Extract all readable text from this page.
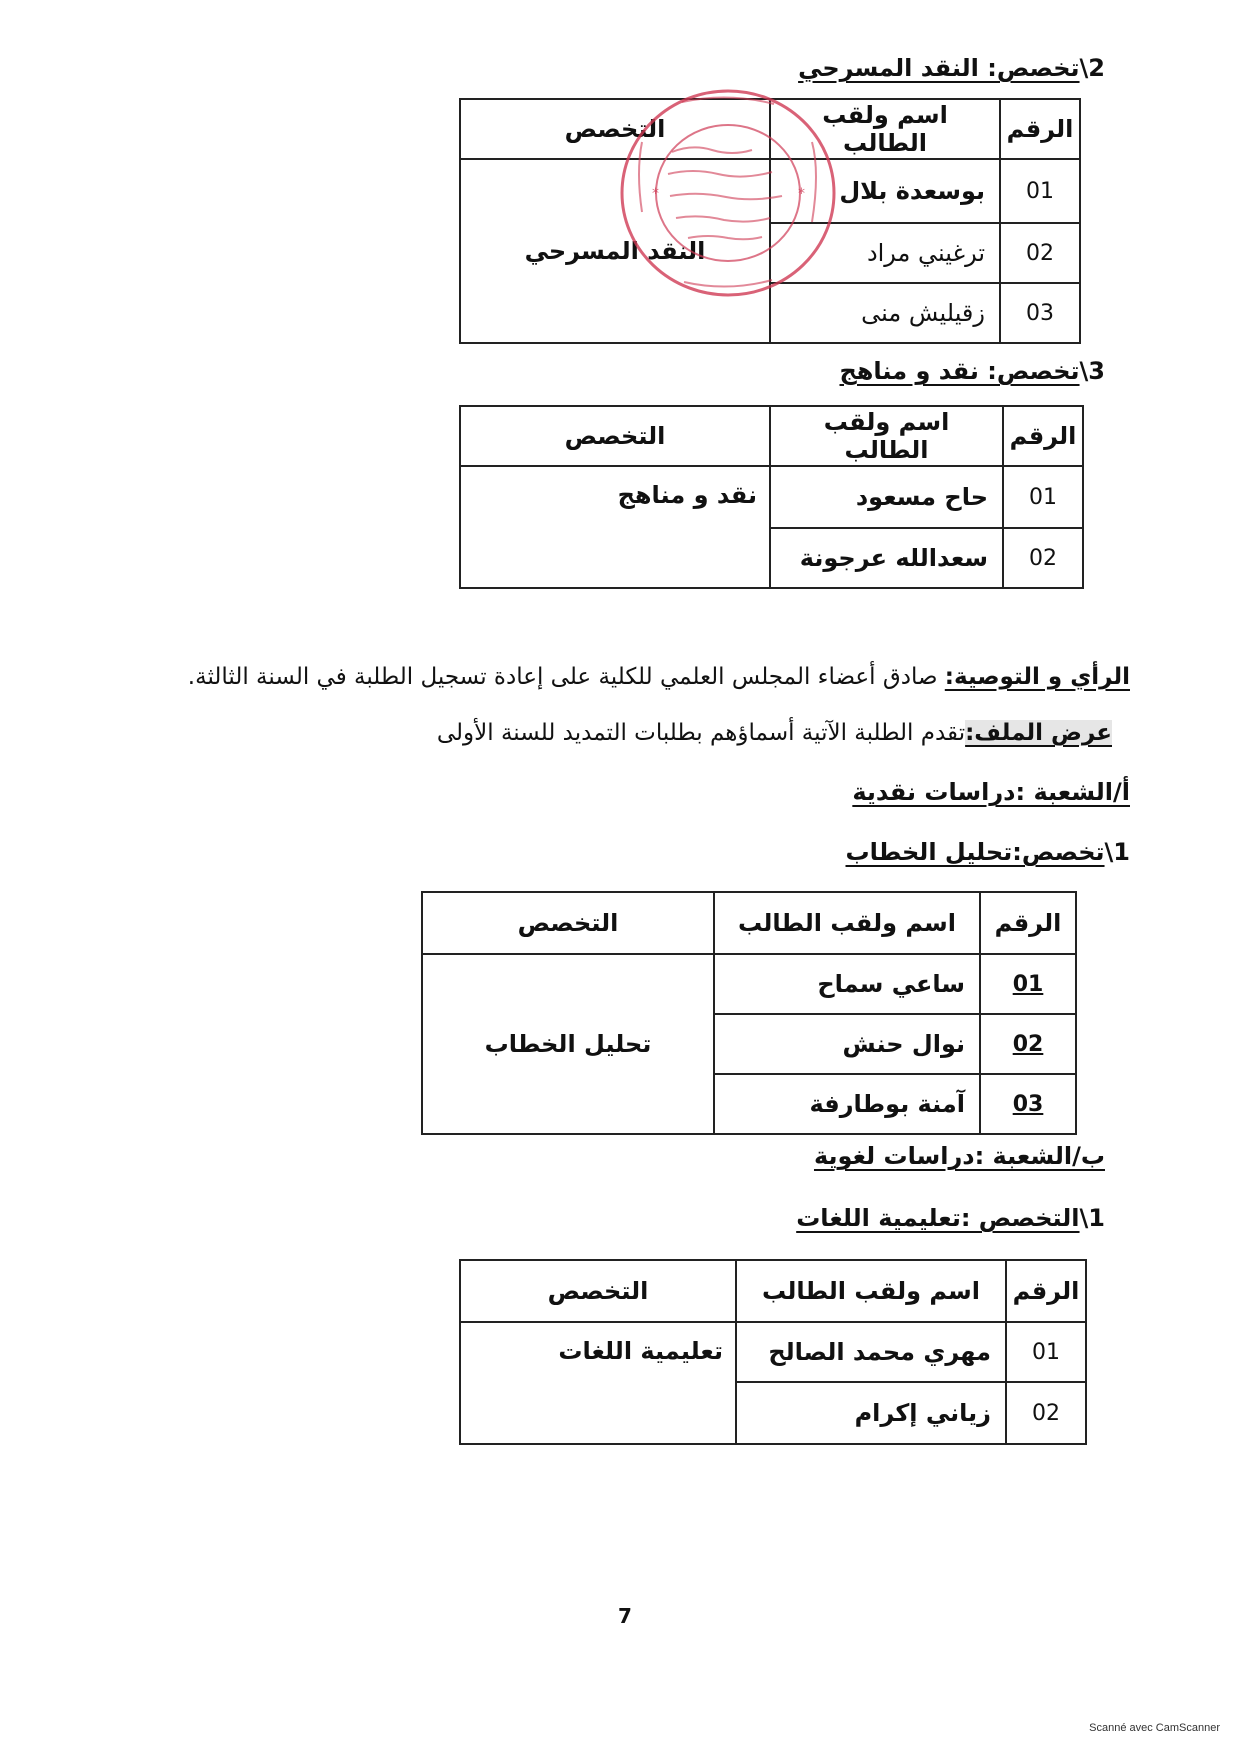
2\تخصص: النقد المسرحي
الرقم	اسم ولقب الطالب	التخصص
01	بوسعدة بلال	النقد المسرحي
02	ترغيني مراد	
03	زقيليش منى	
*	*
3\تخصص: نقد و مناهج
الرقم	اسم ولقب الطالب	التخصص
01	حاح مسعود	نقد و مناهج
02	سعدالله عرجونة	
الرأي و التوصية: صادق أعضاء المجلس العلمي للكلية على إعادة تسجيل الطلبة في السنة الثالثة.
عرض الملف:تقدم الطلبة الآتية أسماؤهم بطلبات التمديد للسنة الأولى
أ/الشعبة :دراسات نقدية
1\تخصص:تحليل الخطاب
الرقم	اسم ولقب الطالب	التخصص
01	ساعي سماح	تحليل الخطاب
02	نوال حنش	
03	آمنة بوطارفة	
ب/الشعبة :دراسات لغوية
1\التخصص :تعليمية اللغات
الرقم	اسم ولقب الطالب	التخصص
01	مهري محمد الصالح	تعليمية اللغات
02	زياني إكرام	
7
Scanné avec CamScanner
